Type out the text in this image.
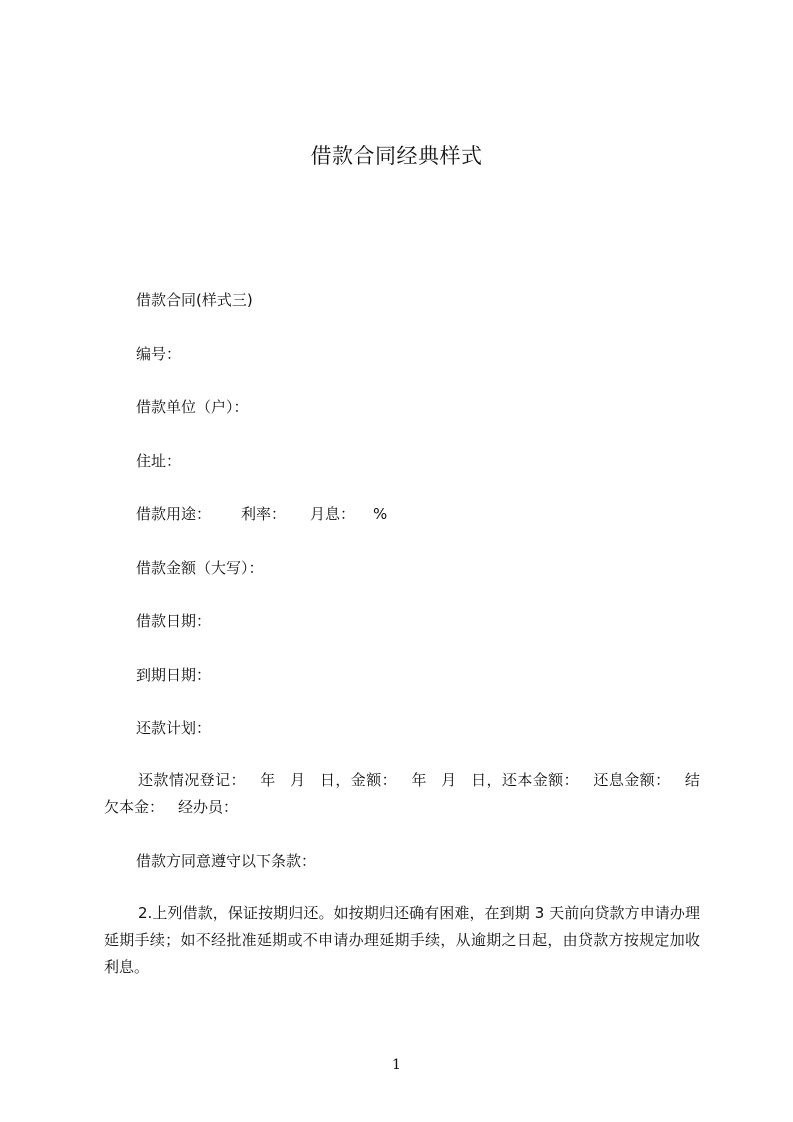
借款合同经典样式
借款合同(样式三)
编号：
借款单位（户）：
住址：
借款用途： 利率： 月息： %
借款金额（大写）：
借款日期：
到期日期：
还款计划：

还款情况登记： 年 月 日，金额： 年 月 日，还本金额： 还息金额： 结欠本金： 经办员：

借款方同意遵守以下条款：

2.上列借款，保证按期归还。如按期归还确有困难，在到期 3 天前向贷款方申请办理延期手续；如不经批准延期或不申请办理延期手续，从逾期之日起，由贷款方按规定加收利息。

1
